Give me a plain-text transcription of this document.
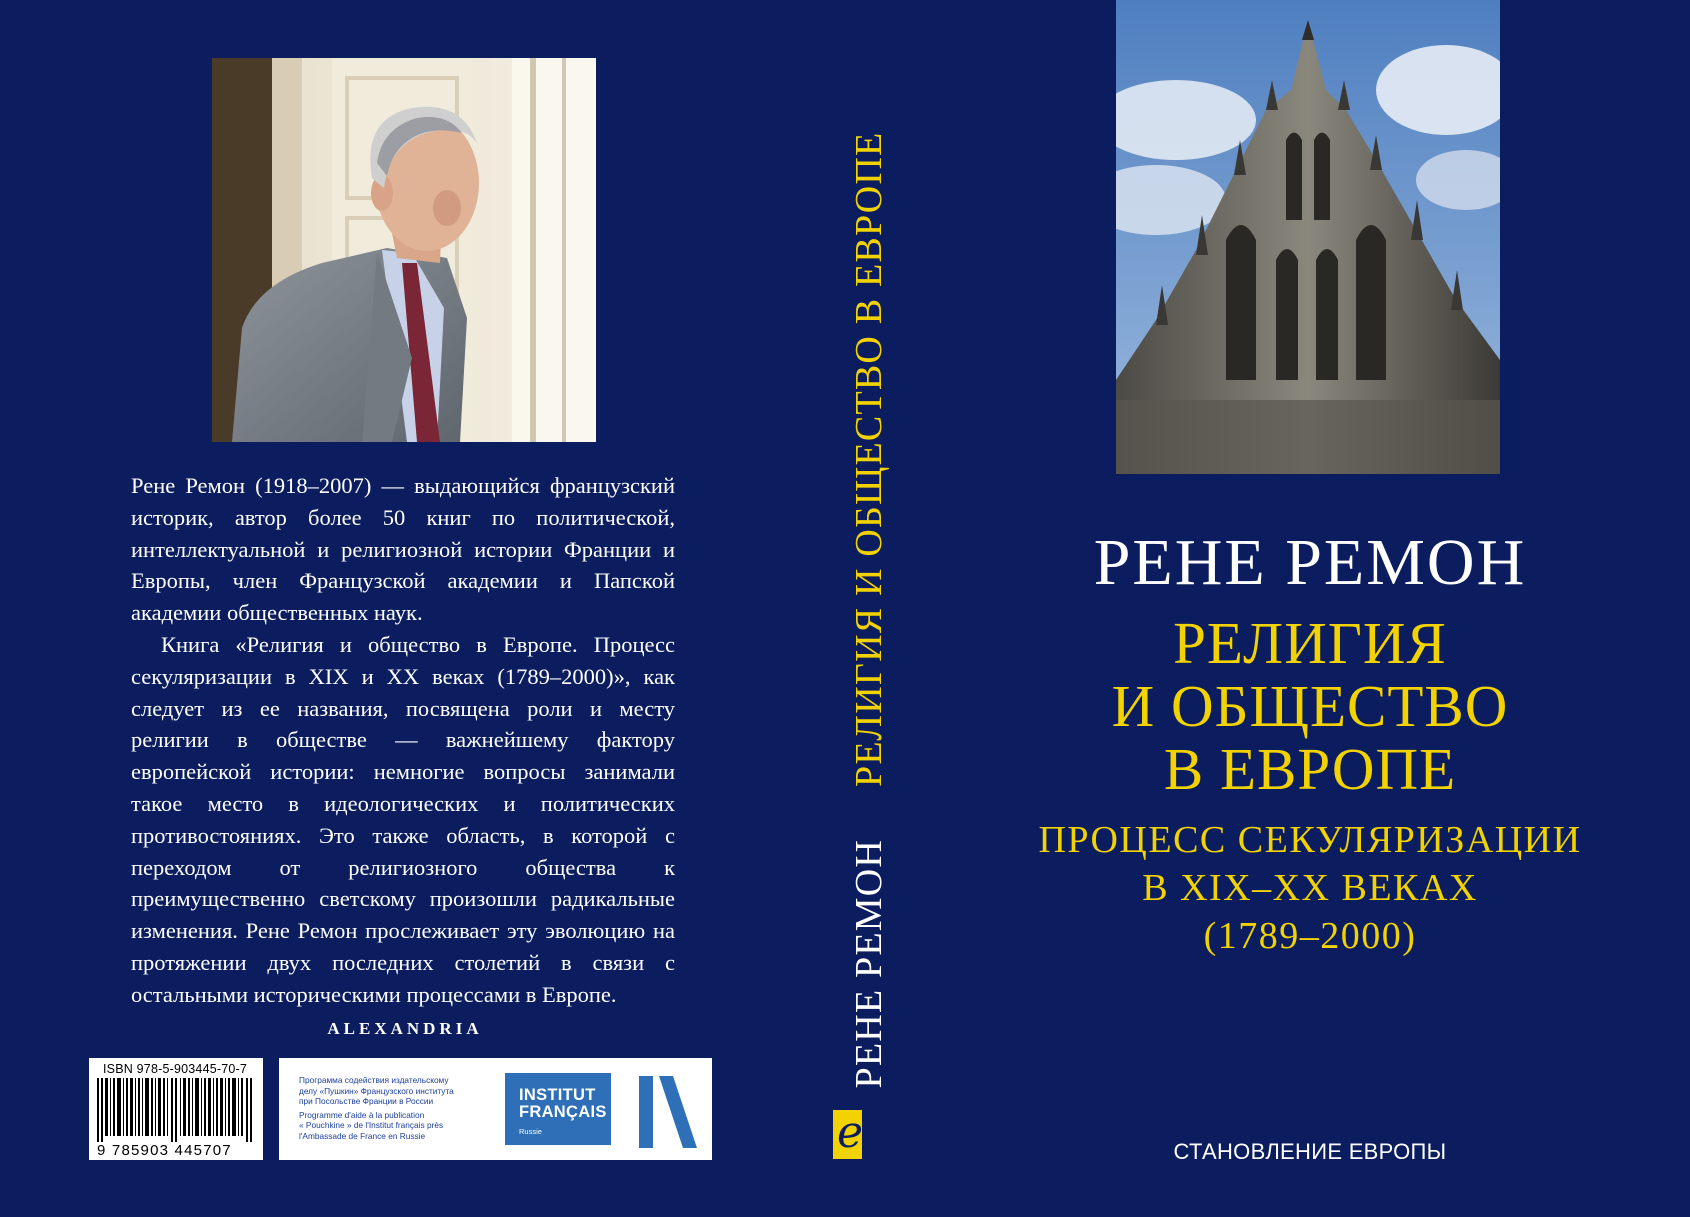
Рене Ремон (1918–2007) — выдающийся французский историк, автор более 50 книг по политической, интеллектуальной и религиозной истории Франции и Европы, член Французской академии и Папской академии общественных наук.

Книга «Религия и общество в Европе. Процесс секуляризации в XIX и XX веках (1789–2000)», как следует из ее названия, посвящена роли и месту религии в обществе — важнейшему фактору европейской истории: немногие вопросы занимали такое место в идеологических и политических противостояниях. Это также область, в которой с переходом от религиозного общества к преимущественно светскому произошли радикальные изменения. Рене Ремон прослеживает эту эволюцию на протяжении двух последних столетий в связи с остальными историческими процессами в Европе.

ALEXANDRIA
ISBN 978-5-903445-70-7
9 785903 445707
Программа содействия издательскому
делу «Пушкин» Французского института
при Посольстве Франции в России
Programme d'aide à la publication
« Pouchkine » de l'Institut français près
l'Ambassade de France en Russie
INSTITUT
FRANÇAIS
Russie
РЕНЕ РЕМОНРЕЛИГИЯ И ОБЩЕСТВО В ЕВРОПЕ
e
РЕНЕ РЕМОН
РЕЛИГИЯ
И ОБЩЕСТВО
В ЕВРОПЕ
ПРОЦЕСС СЕКУЛЯРИЗАЦИИ
В XIX–XX ВЕКАХ
(1789–2000)
СТАНОВЛЕНИЕ ЕВРОПЫ
